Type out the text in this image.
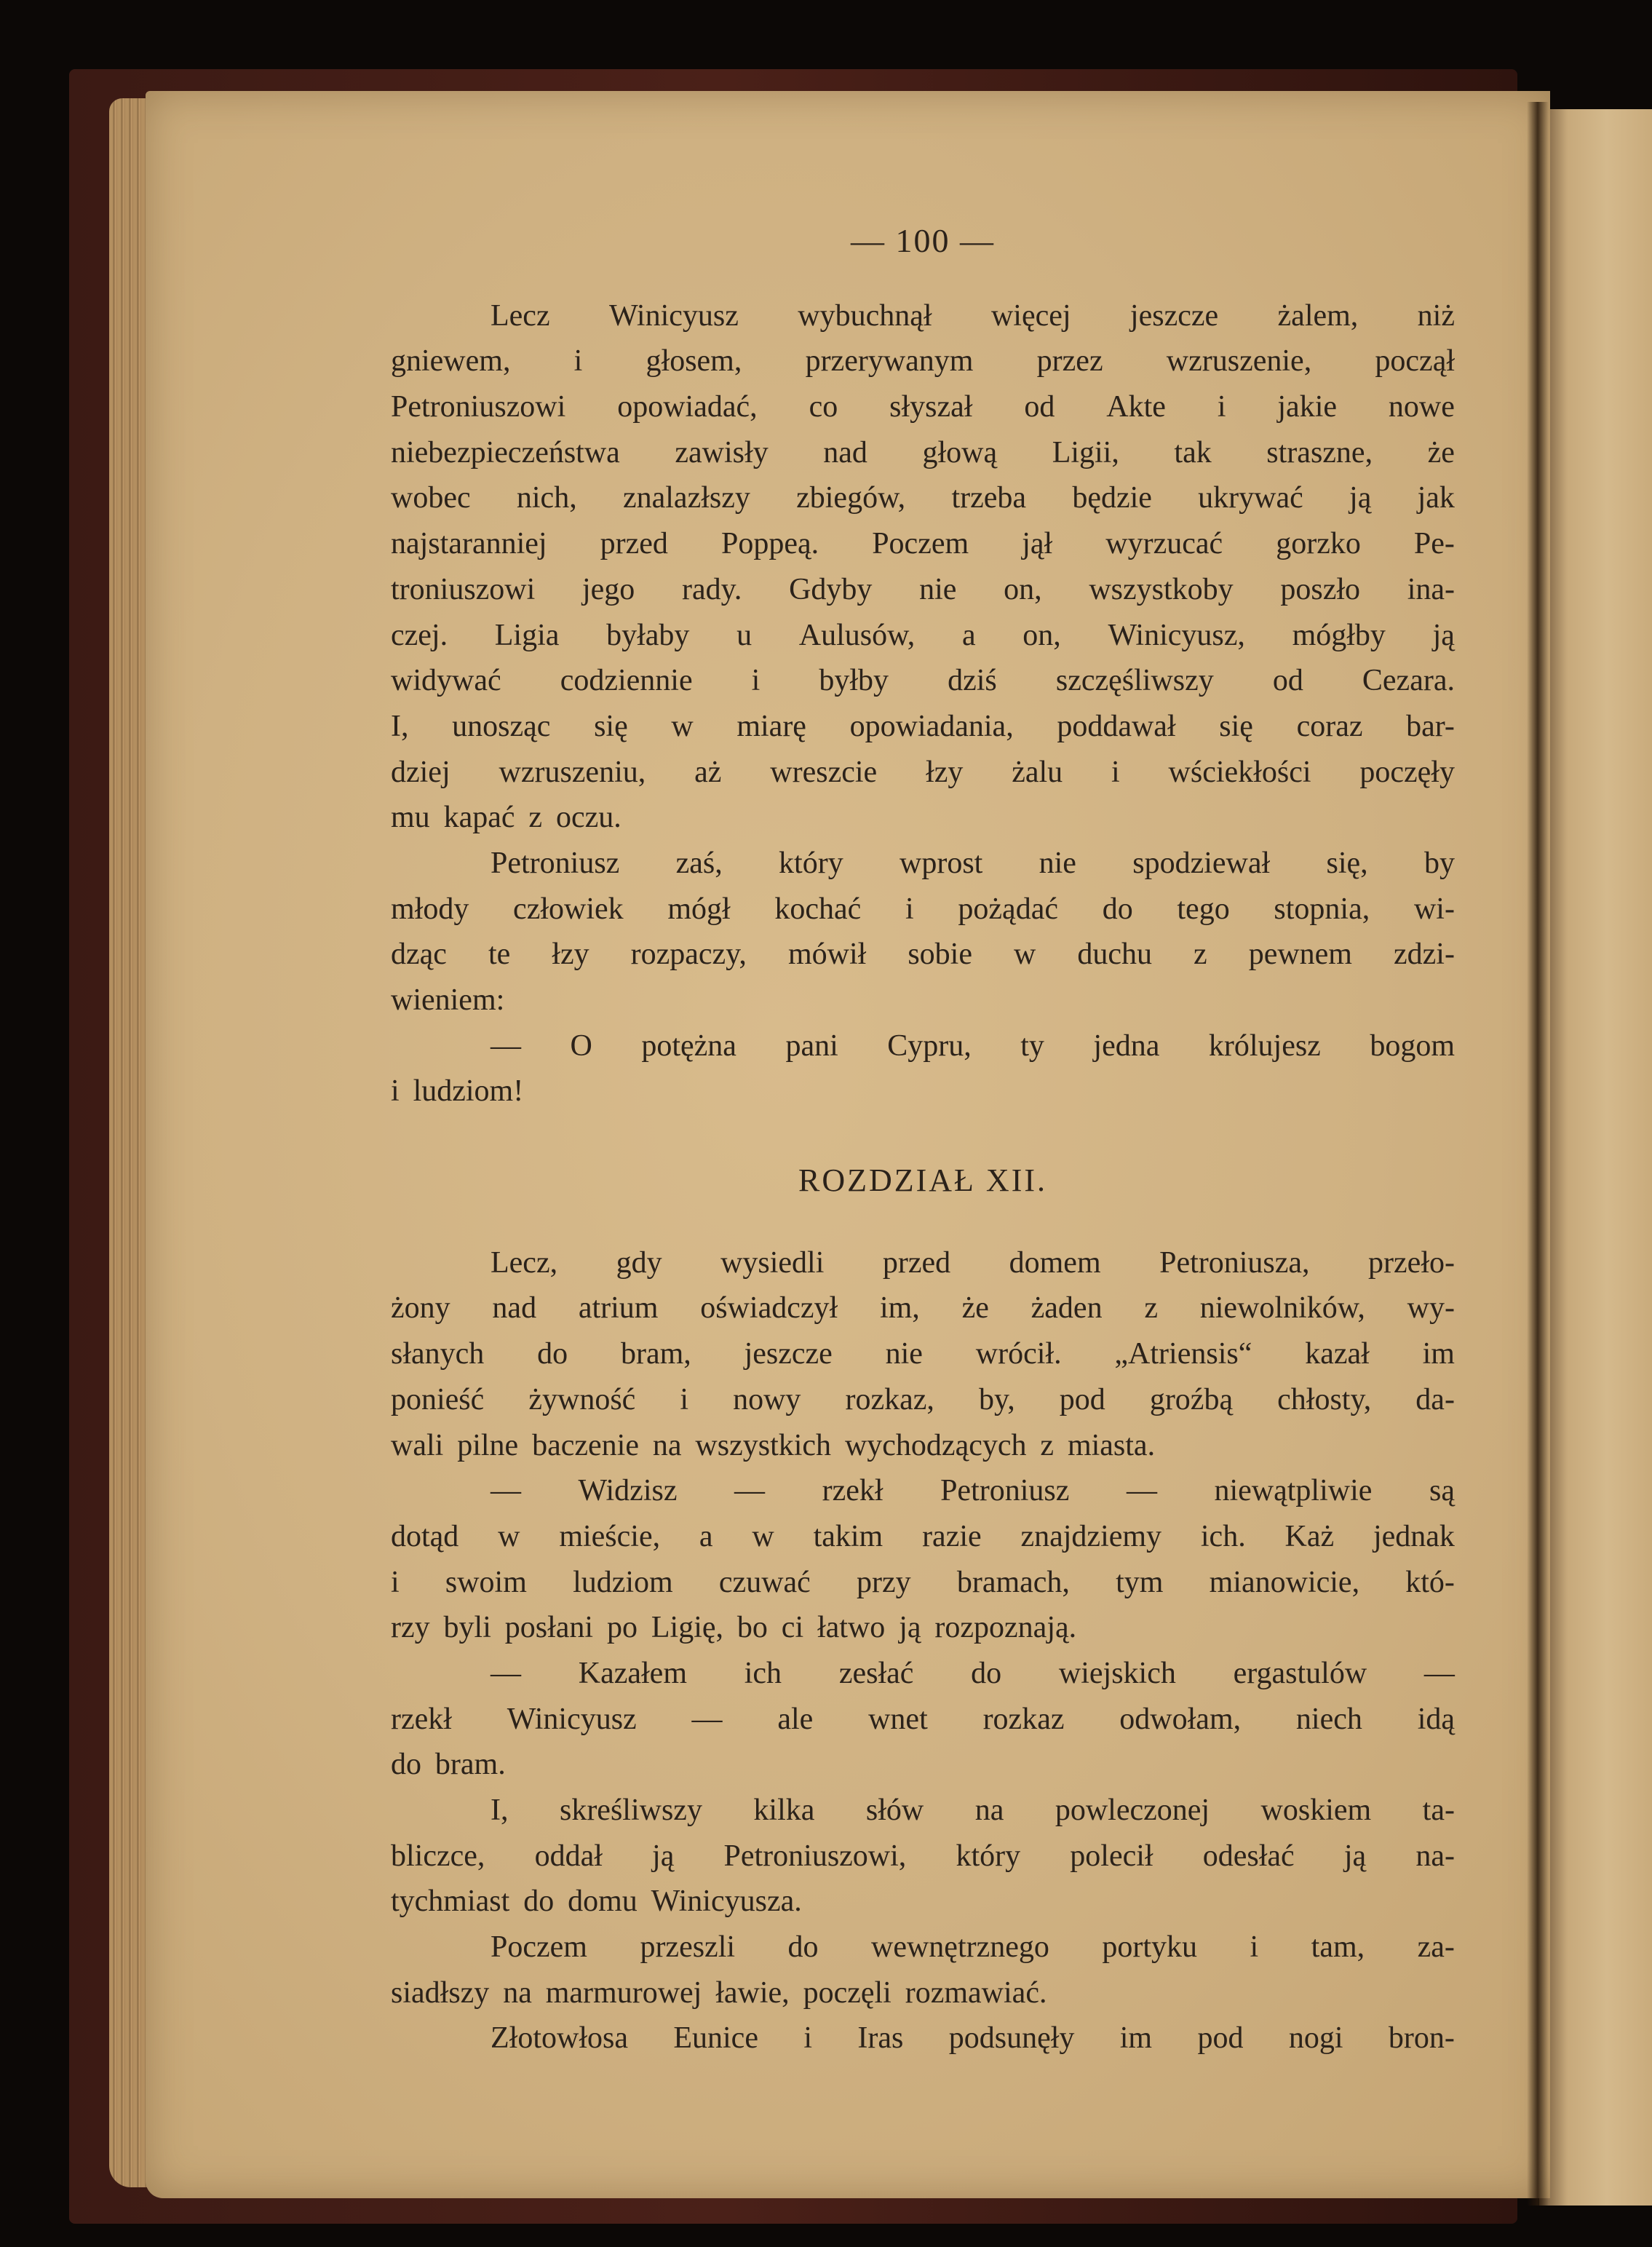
— 100 —
Lecz Winicyusz wybuchnął więcej jeszcze żalem, niż
gniewem, i głosem, przerywanym przez wzruszenie, począł
Petroniuszowi opowiadać, co słyszał od Akte i jakie nowe
niebezpieczeństwa zawisły nad głową Ligii, tak straszne, że
wobec nich, znalazłszy zbiegów, trzeba będzie ukrywać ją jak
najstaranniej przed Poppeą. Poczem jął wyrzucać gorzko Pe-
troniuszowi jego rady. Gdyby nie on, wszystkoby poszło ina-
czej. Ligia byłaby u Aulusów, a on, Winicyusz, mógłby ją
widywać codziennie i byłby dziś szczęśliwszy od Cezara.
I, unosząc się w miarę opowiadania, poddawał się coraz bar-
dziej wzruszeniu, aż wreszcie łzy żalu i wściekłości poczęły
mu kapać z oczu.
Petroniusz zaś, który wprost nie spodziewał się, by
młody człowiek mógł kochać i pożądać do tego stopnia, wi-
dząc te łzy rozpaczy, mówił sobie w duchu z pewnem zdzi-
wieniem:
— O potężna pani Cypru, ty jedna królujesz bogom
i ludziom!
ROZDZIAŁ XII.
Lecz, gdy wysiedli przed domem Petroniusza, przeło-
żony nad atrium oświadczył im, że żaden z niewolników, wy-
słanych do bram, jeszcze nie wrócił. „Atriensis“ kazał im
ponieść żywność i nowy rozkaz, by, pod groźbą chłosty, da-
wali pilne baczenie na wszystkich wychodzących z miasta.
— Widzisz — rzekł Petroniusz — niewątpliwie są
dotąd w mieście, a w takim razie znajdziemy ich. Każ jednak
i swoim ludziom czuwać przy bramach, tym mianowicie, któ-
rzy byli posłani po Ligię, bo ci łatwo ją rozpoznają.
— Kazałem ich zesłać do wiejskich ergastulów —
rzekł Winicyusz — ale wnet rozkaz odwołam, niech idą
do bram.
I, skreśliwszy kilka słów na powleczonej woskiem ta-
bliczce, oddał ją Petroniuszowi, który polecił odesłać ją na-
tychmiast do domu Winicyusza.
Poczem przeszli do wewnętrznego portyku i tam, za-
siadłszy na marmurowej ławie, poczęli rozmawiać.
Złotowłosa Eunice i Iras podsunęły im pod nogi bron-
